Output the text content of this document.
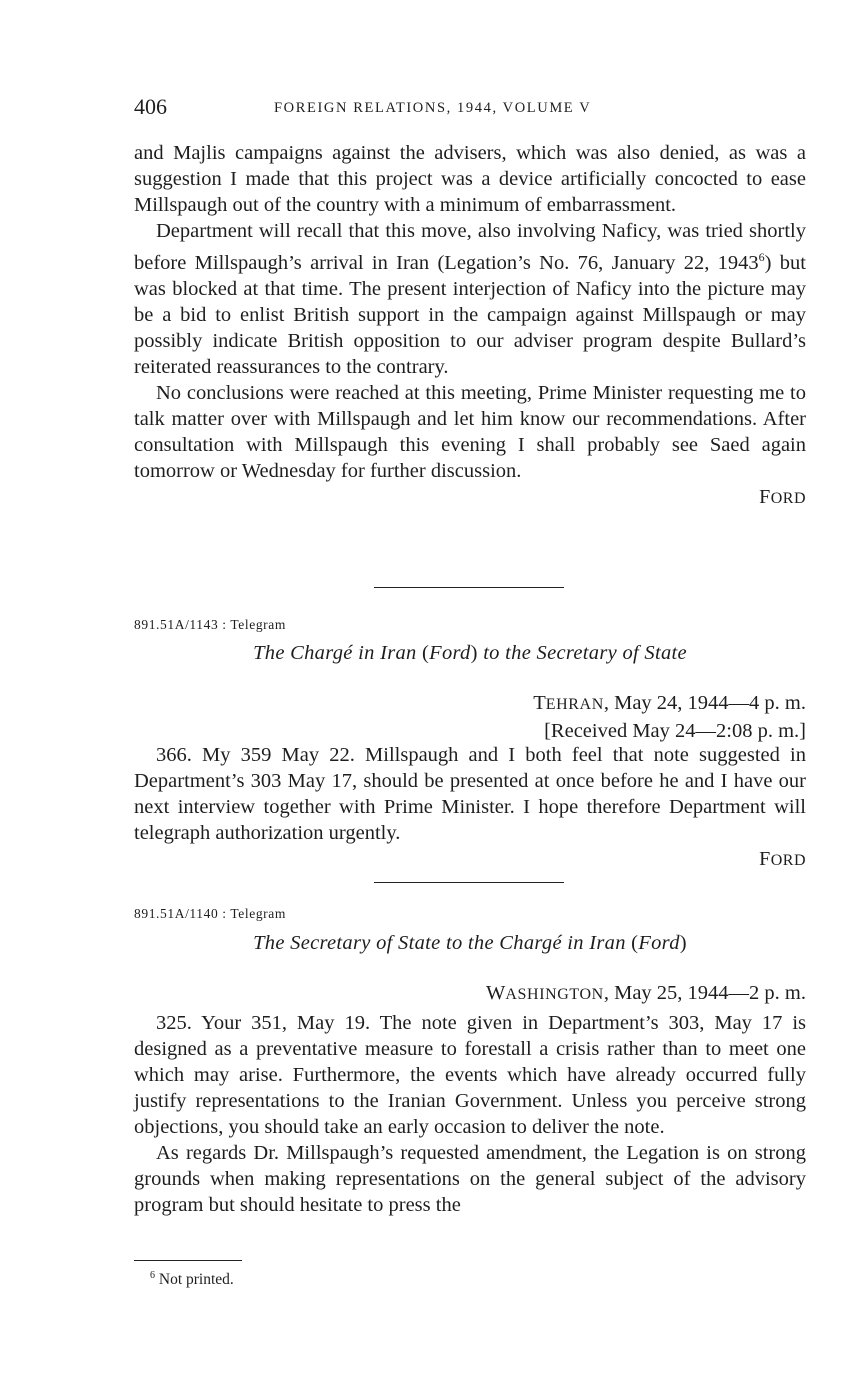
406	FOREIGN RELATIONS, 1944, VOLUME V

and Majlis campaigns against the advisers, which was also denied, as was a suggestion I made that this project was a device artificially concocted to ease Millspaugh out of the country with a minimum of embarrassment.

Department will recall that this move, also involving Naficy, was tried shortly before Millspaugh’s arrival in Iran (Legation’s No. 76, January 22, 1943$^6$) but was blocked at that time. The present interjection of Naficy into the picture may be a bid to enlist British support in the campaign against Millspaugh or may possibly indicate British opposition to our adviser program despite Bullard’s reiterated reassurances to the contrary.

No conclusions were reached at this meeting, Prime Minister requesting me to talk matter over with Millspaugh and let him know our recommendations. After consultation with Millspaugh this evening I shall probably see Saed again tomorrow or Wednesday for further discussion.

FORD
891.51A/1143 : Telegram
The Chargé in Iran (Ford) to the Secretary of State
TEHRAN, May 24, 1944—4 p. m.
[Received May 24—2:08 p. m.]

366. My 359 May 22. Millspaugh and I both feel that note suggested in Department’s 303 May 17, should be presented at once before he and I have our next interview together with Prime Minister. I hope therefore Department will telegraph authorization urgently.

FORD
891.51A/1140 : Telegram
The Secretary of State to the Chargé in Iran (Ford)
WASHINGTON, May 25, 1944—2 p. m.

325. Your 351, May 19. The note given in Department’s 303, May 17 is designed as a preventative measure to forestall a crisis rather than to meet one which may arise. Furthermore, the events which have already occurred fully justify representations to the Iranian Government. Unless you perceive strong objections, you should take an early occasion to deliver the note.

As regards Dr. Millspaugh’s requested amendment, the Legation is on strong grounds when making representations on the general subject of the advisory program but should hesitate to press the

$^6$ Not printed.
